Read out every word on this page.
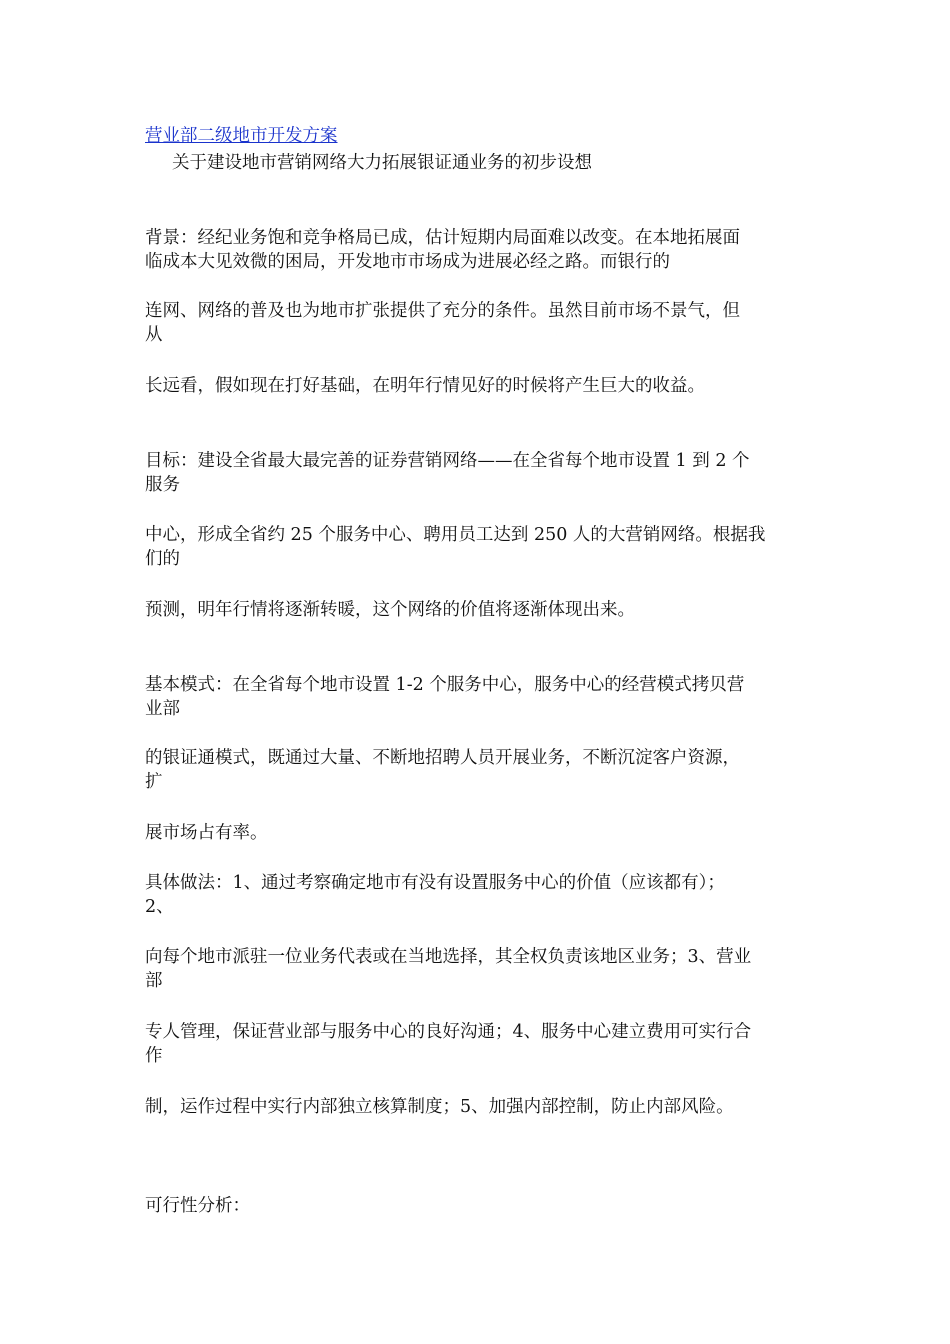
营业部二级地市开发方案

关于建设地市营销网络大力拓展银证通业务的初步设想

背景：经纪业务饱和竞争格局已成，估计短期内局面难以改变。在本地拓展面

临成本大见效微的困局，开发地市市场成为进展必经之路。而银行的

连网、网络的普及也为地市扩张提供了充分的条件。虽然目前市场不景气，但

从

长远看，假如现在打好基础，在明年行情见好的时候将产生巨大的收益。

目标：建设全省最大最完善的证券营销网络——在全省每个地市设置 1 到 2 个

服务

中心，形成全省约 25 个服务中心、聘用员工达到 250 人的大营销网络。根据我

们的

预测，明年行情将逐渐转暖，这个网络的价值将逐渐体现出来。

基本模式：在全省每个地市设置 1-2 个服务中心，服务中心的经营模式拷贝营

业部

的银证通模式，既通过大量、不断地招聘人员开展业务，不断沉淀客户资源，

扩

展市场占有率。

具体做法：1、通过考察确定地市有没有设置服务中心的价值（应该都有）；

2、

向每个地市派驻一位业务代表或在当地选择，其全权负责该地区业务；3、营业

部

专人管理，保证营业部与服务中心的良好沟通；4、服务中心建立费用可实行合

作

制，运作过程中实行内部独立核算制度；5、加强内部控制，防止内部风险。

可行性分析：
